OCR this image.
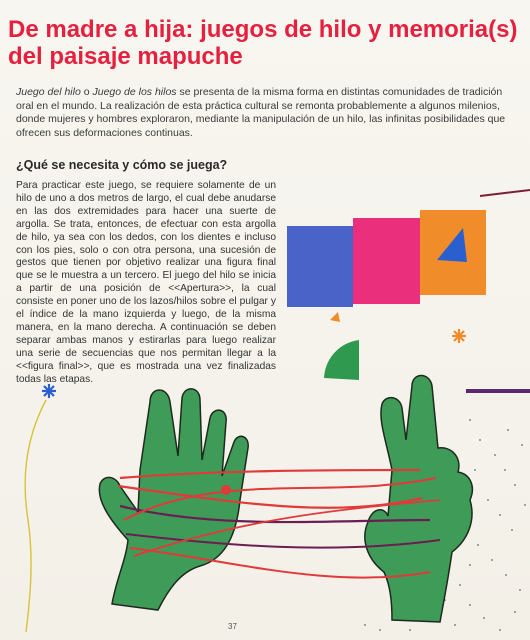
De madre a hija: juegos de hilo y memoria(s) del paisaje mapuche

Juego del hilo o Juego de los hilos se presenta de la misma forma en distintas comunidades de tradición oral en el mundo. La realización de esta práctica cultural se remonta probablemente a algunos milenios, donde mujeres y hombres exploraron, mediante la manipulación de un hilo, las infinitas posibilidades que ofrecen sus deformaciones continuas.

¿Qué se necesita y cómo se juega?

Para practicar este juego, se requiere solamente de un hilo de uno a dos metros de largo, el cual debe anudarse en las dos extremidades para hacer una suerte de argolla. Se trata, entonces, de efectuar con esta argolla de hilo, ya sea con los dedos, con los dientes e incluso con los pies, solo o con otra persona, una sucesión de gestos que tienen por objetivo realizar una figura final que se le muestra a un tercero. El juego del hilo se inicia a partir de una posición de <<Apertura>>, la cual consiste en poner uno de los lazos/hilos sobre el pulgar y el índice de la mano izquierda y luego, de la misma manera, en la mano derecha. A continuación se deben separar ambas manos y estirarlas para luego realizar una serie de secuencias que nos permitan llegar a la <<figura final>>, que es mostrada una vez finalizadas todas las etapas.

37
